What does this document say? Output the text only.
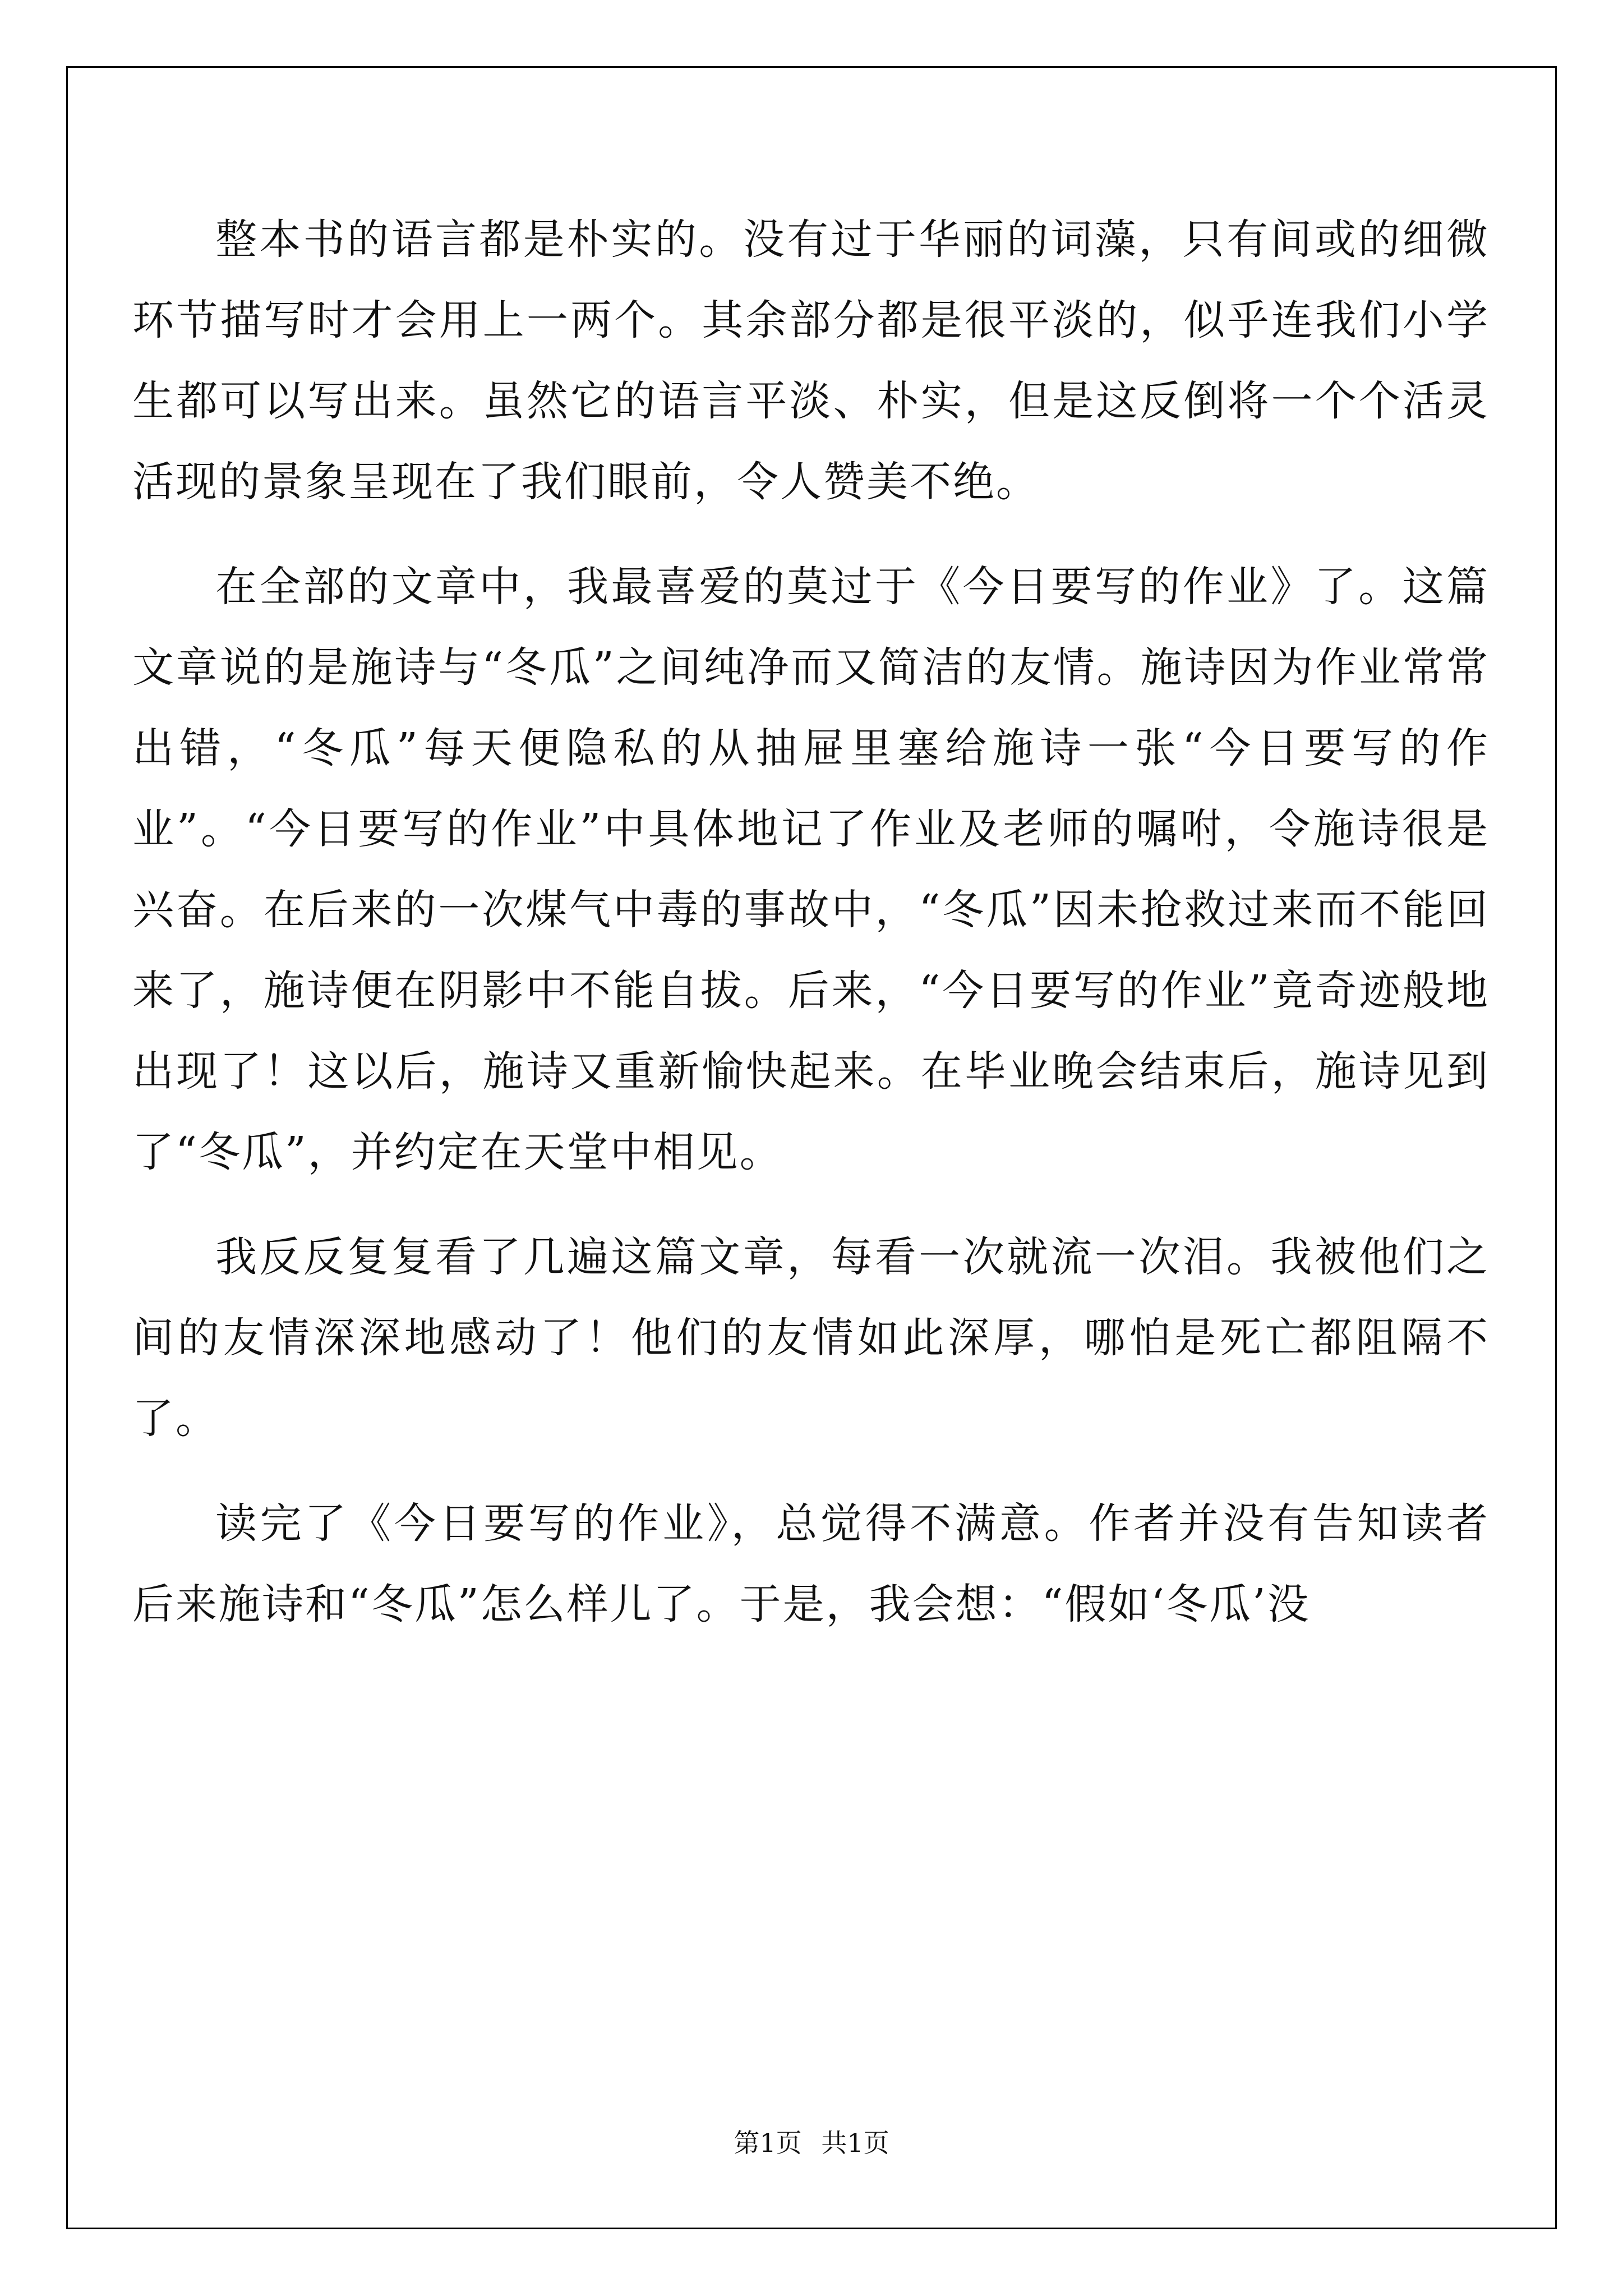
整本书的语言都是朴实的。没有过于华丽的词藻，只有间或的细微环节描写时才会用上一两个。其余部分都是很平淡的，似乎连我们小学生都可以写出来。虽然它的语言平淡、朴实，但是这反倒将一个个活灵活现的景象呈现在了我们眼前，令人赞美不绝。

在全部的文章中，我最喜爱的莫过于《今日要写的作业》了。这篇文章说的是施诗与“冬瓜”之间纯净而又简洁的友情。施诗因为作业常常出错，“冬瓜”每天便隐私的从抽屉里塞给施诗一张“今日要写的作业”。“今日要写的作业”中具体地记了作业及老师的嘱咐，令施诗很是兴奋。在后来的一次煤气中毒的事故中，“冬瓜”因未抢救过来而不能回来了，施诗便在阴影中不能自拔。后来，“今日要写的作业”竟奇迹般地出现了！这以后，施诗又重新愉快起来。在毕业晚会结束后，施诗见到了“冬瓜”，并约定在天堂中相见。

我反反复复看了几遍这篇文章，每看一次就流一次泪。我被他们之间的友情深深地感动了！他们的友情如此深厚，哪怕是死亡都阻隔不了。

读完了《今日要写的作业》，总觉得不满意。作者并没有告知读者后来施诗和“冬瓜”怎么样儿了。于是，我会想：“假如‘冬瓜’没

第1页 共1页
